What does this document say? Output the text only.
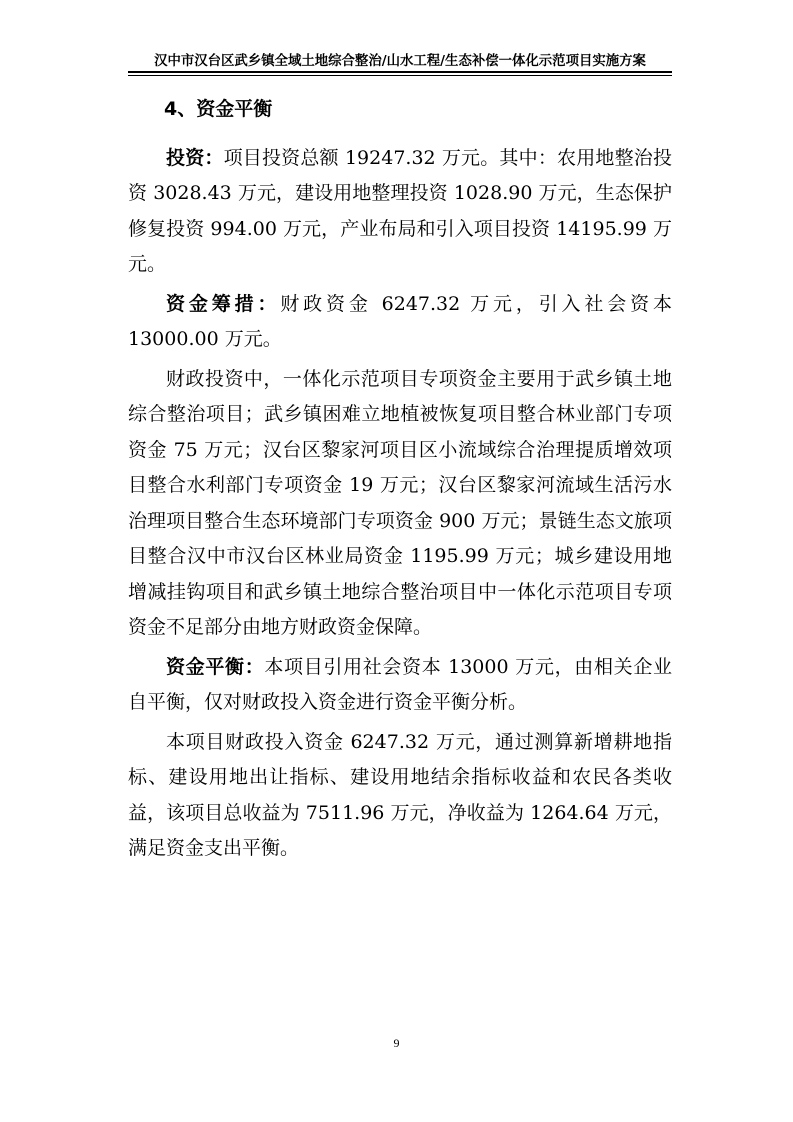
汉中市汉台区武乡镇全域土地综合整治/山水工程/生态补偿一体化示范项目实施方案
4、资金平衡

投资：项目投资总额 19247.32 万元。其中：农用地整治投资 3028.43 万元，建设用地整理投资 1028.90 万元，生态保护修复投资 994.00 万元，产业布局和引入项目投资 14195.99 万元。

资金筹措：财政资金 6247.32 万元，引入社会资本 13000.00 万元。

财政投资中，一体化示范项目专项资金主要用于武乡镇土地综合整治项目；武乡镇困难立地植被恢复项目整合林业部门专项资金 75 万元；汉台区黎家河项目区小流域综合治理提质增效项目整合水利部门专项资金 19 万元；汉台区黎家河流域生活污水治理项目整合生态环境部门专项资金 900 万元；景链生态文旅项目整合汉中市汉台区林业局资金 1195.99 万元；城乡建设用地增减挂钩项目和武乡镇土地综合整治项目中一体化示范项目专项资金不足部分由地方财政资金保障。

资金平衡：本项目引用社会资本 13000 万元，由相关企业自平衡，仅对财政投入资金进行资金平衡分析。

本项目财政投入资金 6247.32 万元，通过测算新增耕地指标、建设用地出让指标、建设用地结余指标收益和农民各类收益，该项目总收益为 7511.96 万元，净收益为 1264.64 万元，满足资金支出平衡。

9
